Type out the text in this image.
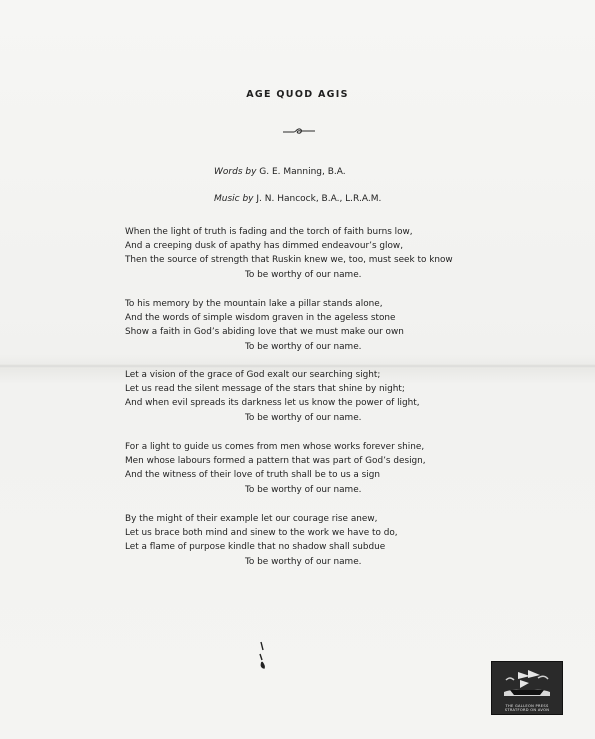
AGE QUOD AGIS
Words by G. E. Manning, B.A.
Music by J. N. Hancock, B.A., L.R.A.M.
When the light of truth is fading and the torch of faith burns low,
And a creeping dusk of apathy has dimmed endeavour’s glow,
Then the source of strength that Ruskin knew we, too, must seek to know
To be worthy of our name.
To his memory by the mountain lake a pillar stands alone,
And the words of simple wisdom graven in the ageless stone
Show a faith in God’s abiding love that we must make our own
To be worthy of our name.
Let a vision of the grace of God exalt our searching sight;
Let us read the silent message of the stars that shine by night;
And when evil spreads its darkness let us know the power of light,
To be worthy of our name.
For a light to guide us comes from men whose works forever shine,
Men whose labours formed a pattern that was part of God’s design,
And the witness of their love of truth shall be to us a sign
To be worthy of our name.
By the might of their example let our courage rise anew,
Let us brace both mind and sinew to the work we have to do,
Let a flame of purpose kindle that no shadow shall subdue
To be worthy of our name.
THE GALLEON PRESS
STRATFORD ON AVON
